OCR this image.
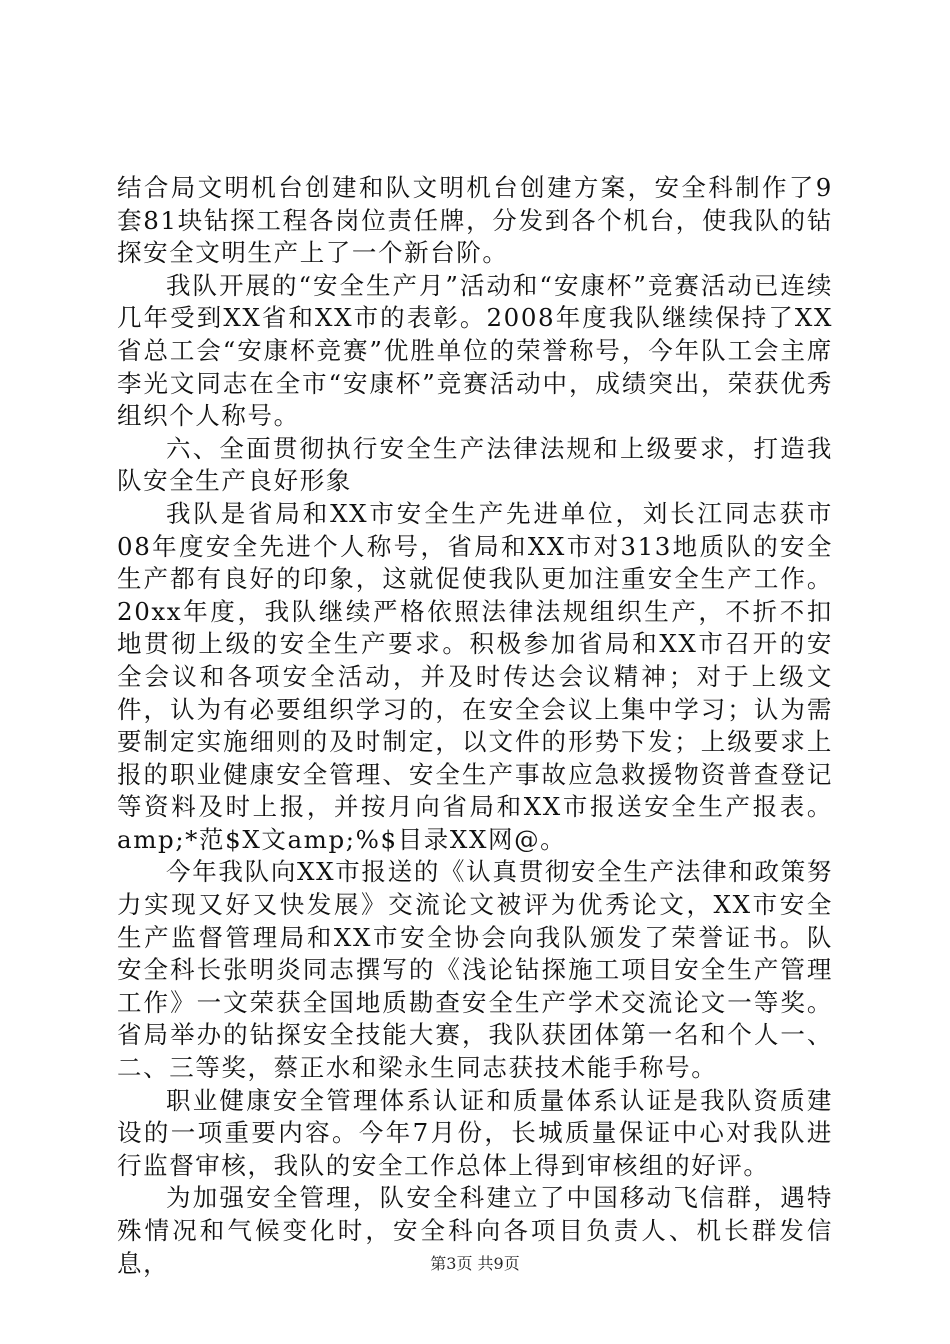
结合局文明机台创建和队文明机台创建方案，安全科制作了9套81块钻探工程各岗位责任牌，分发到各个机台，使我队的钻探安全文明生产上了一个新台阶。

我队开展的“安全生产月”活动和“安康杯”竞赛活动已连续几年受到XX省和XX市的表彰。2008年度我队继续保持了XX省总工会“安康杯竞赛”优胜单位的荣誉称号，今年队工会主席李光文同志在全市“安康杯”竞赛活动中，成绩突出，荣获优秀组织个人称号。

六、全面贯彻执行安全生产法律法规和上级要求，打造我队安全生产良好形象

我队是省局和XX市安全生产先进单位，刘长江同志获市08年度安全先进个人称号，省局和XX市对313地质队的安全生产都有良好的印象，这就促使我队更加注重安全生产工作。20xx年度，我队继续严格依照法律法规组织生产，不折不扣地贯彻上级的安全生产要求。积极参加省局和XX市召开的安全会议和各项安全活动，并及时传达会议精神；对于上级文件，认为有必要组织学习的，在安全会议上集中学习；认为需要制定实施细则的及时制定，以文件的形势下发；上级要求上报的职业健康安全管理、安全生产事故应急救援物资普查登记等资料及时上报，并按月向省局和XX市报送安全生产报表。amp;*范$X文amp;%$目录XX网@。

今年我队向XX市报送的《认真贯彻安全生产法律和政策努力实现又好又快发展》交流论文被评为优秀论文，XX市安全生产监督管理局和XX市安全协会向我队颁发了荣誉证书。队安全科长张明炎同志撰写的《浅论钻探施工项目安全生产管理工作》一文荣获全国地质勘查安全生产学术交流论文一等奖。省局举办的钻探安全技能大赛，我队获团体第一名和个人一、二、三等奖，蔡正水和梁永生同志获技术能手称号。

职业健康安全管理体系认证和质量体系认证是我队资质建设的一项重要内容。今年7月份，长城质量保证中心对我队进行监督审核，我队的安全工作总体上得到审核组的好评。

为加强安全管理，队安全科建立了中国移动飞信群，遇特殊情况和气候变化时，安全科向各项目负责人、机长群发信息，	第3页 共9页
